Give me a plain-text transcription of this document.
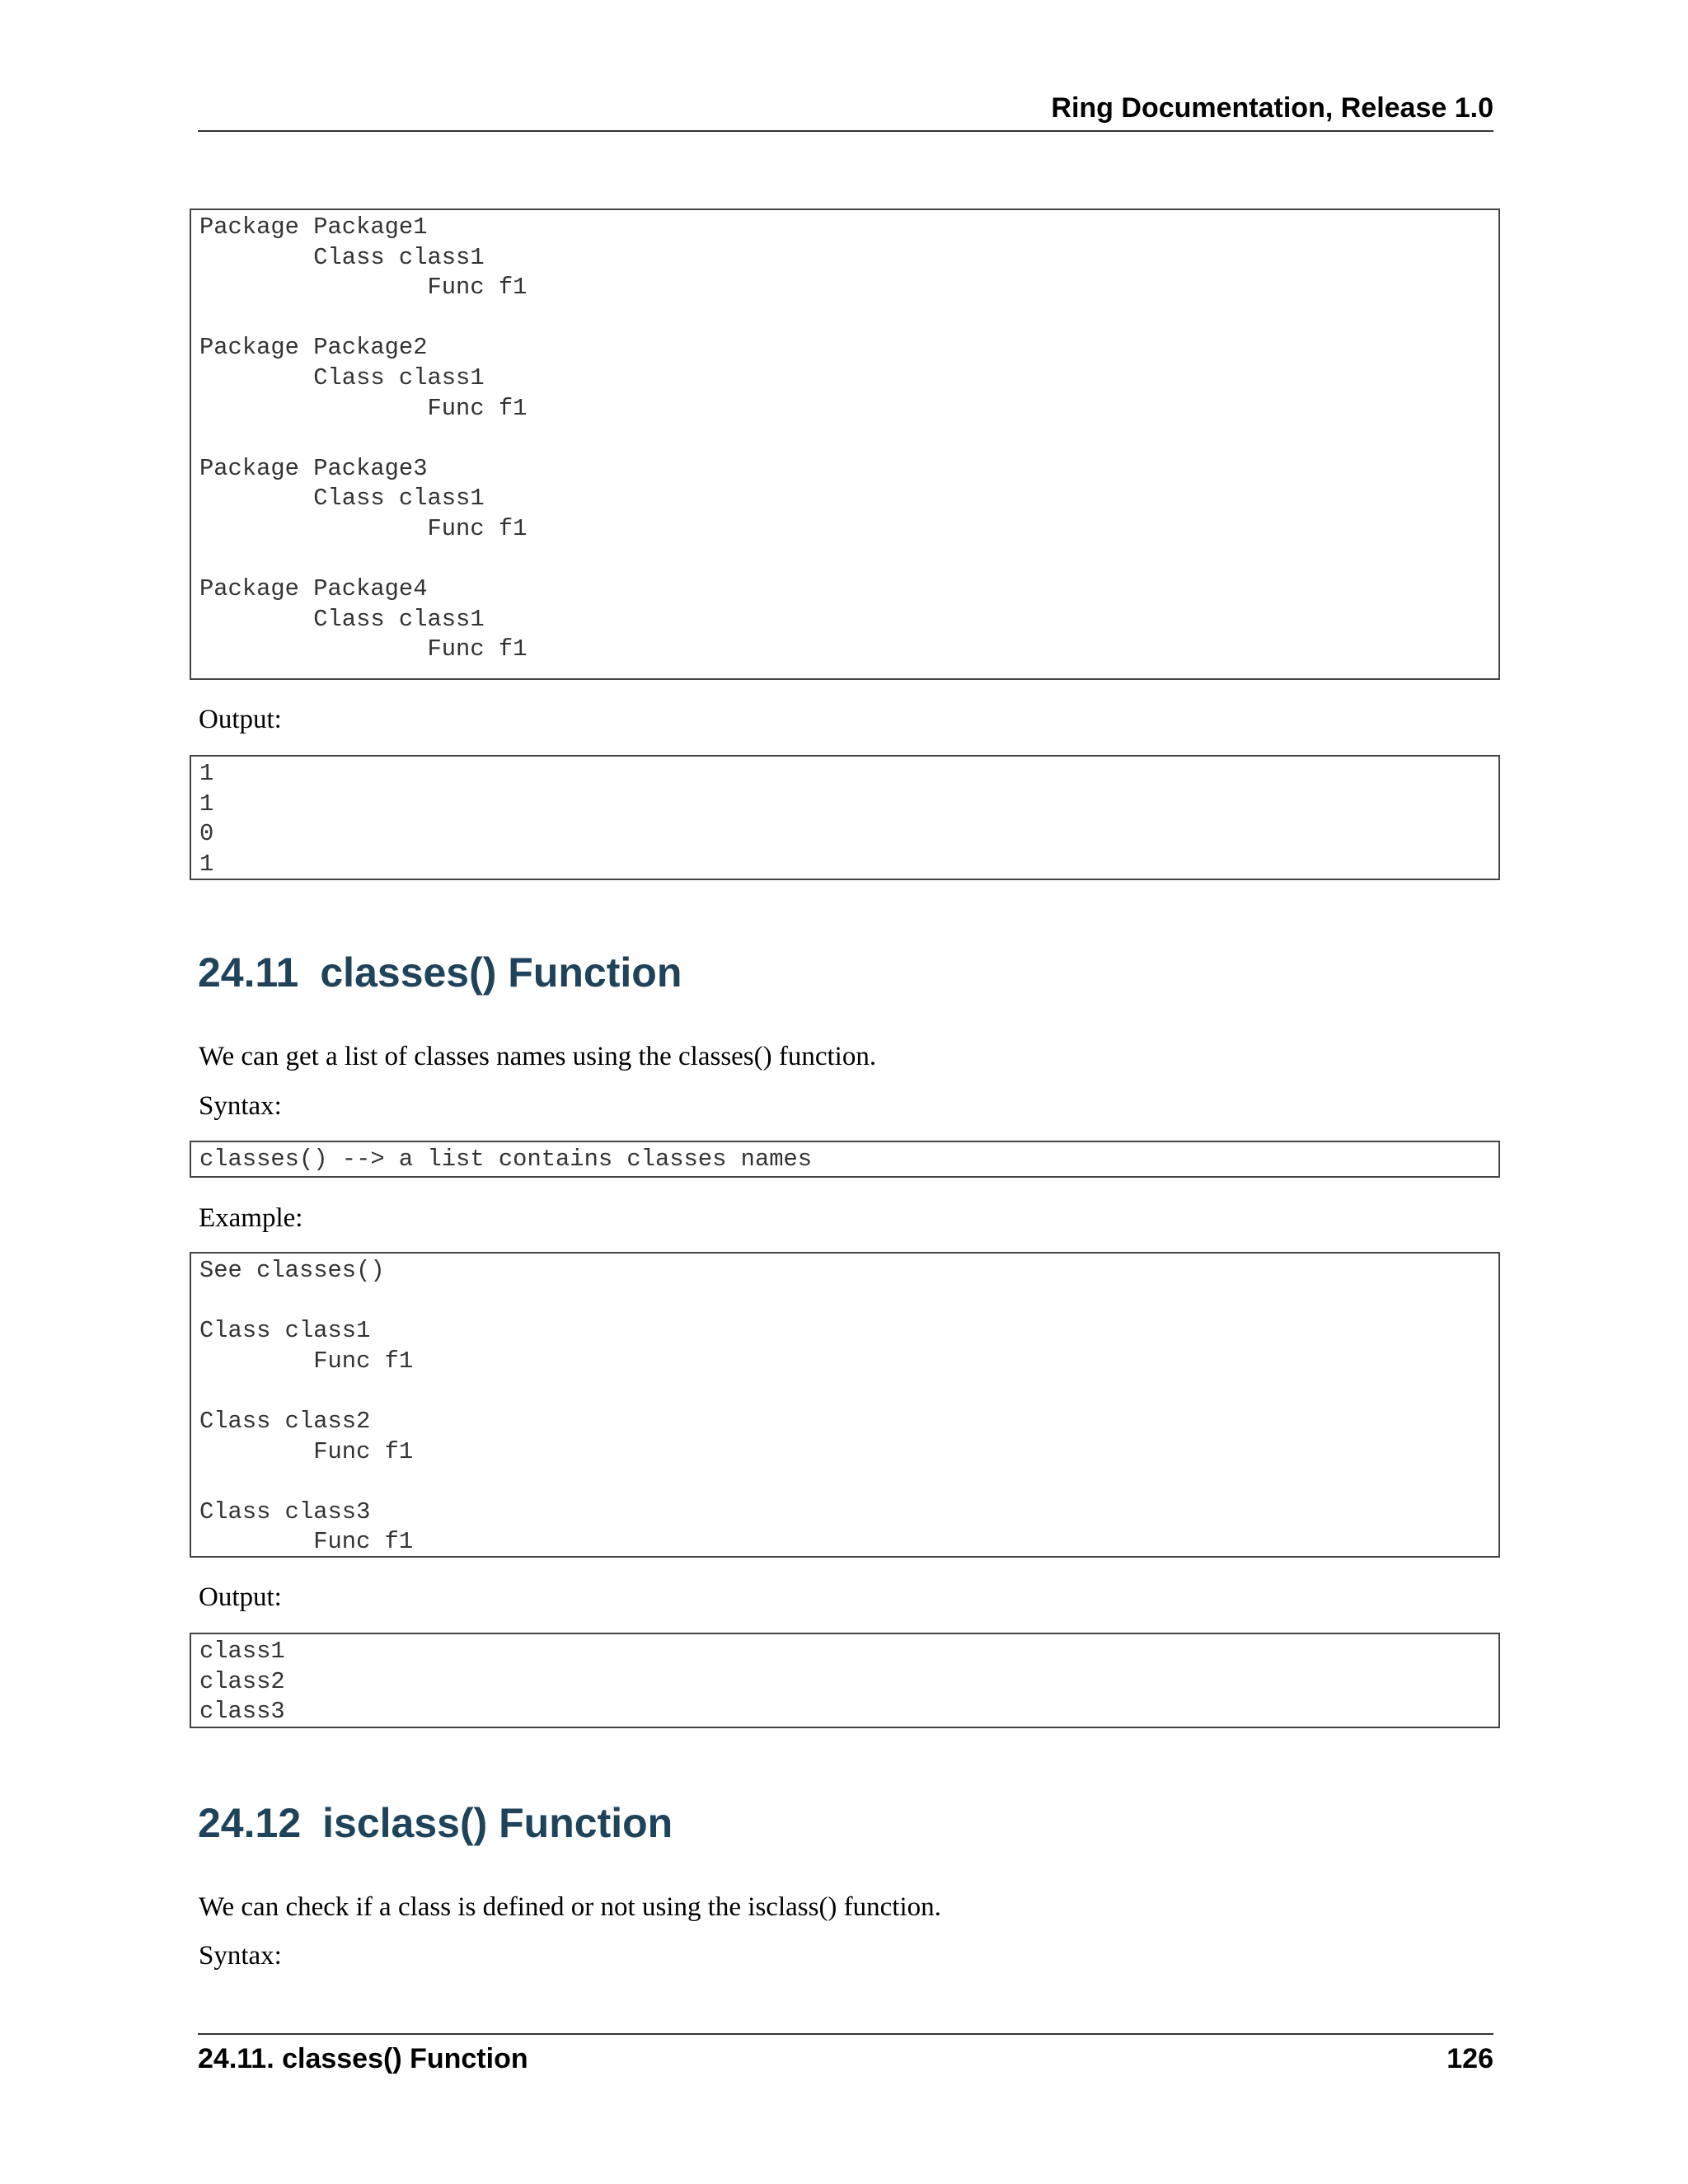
Ring Documentation, Release 1.0
Package Package1
Class class1
Func f1

Package Package2
Class class1
Func f1

Package Package3
Class class1
Func f1

Package Package4
Class class1
Func f1
Output:
1
1
0
1
24.11 classes() Function
We can get a list of classes names using the classes() function.
Syntax:
classes() --> a list contains classes names
Example:
See classes()

Class class1
Func f1

Class class2
Func f1

Class class3
Func f1
Output:
class1
class2
class3
24.12 isclass() Function
We can check if a class is defined or not using the isclass() function.
Syntax:
24.11. classes() Function	126
